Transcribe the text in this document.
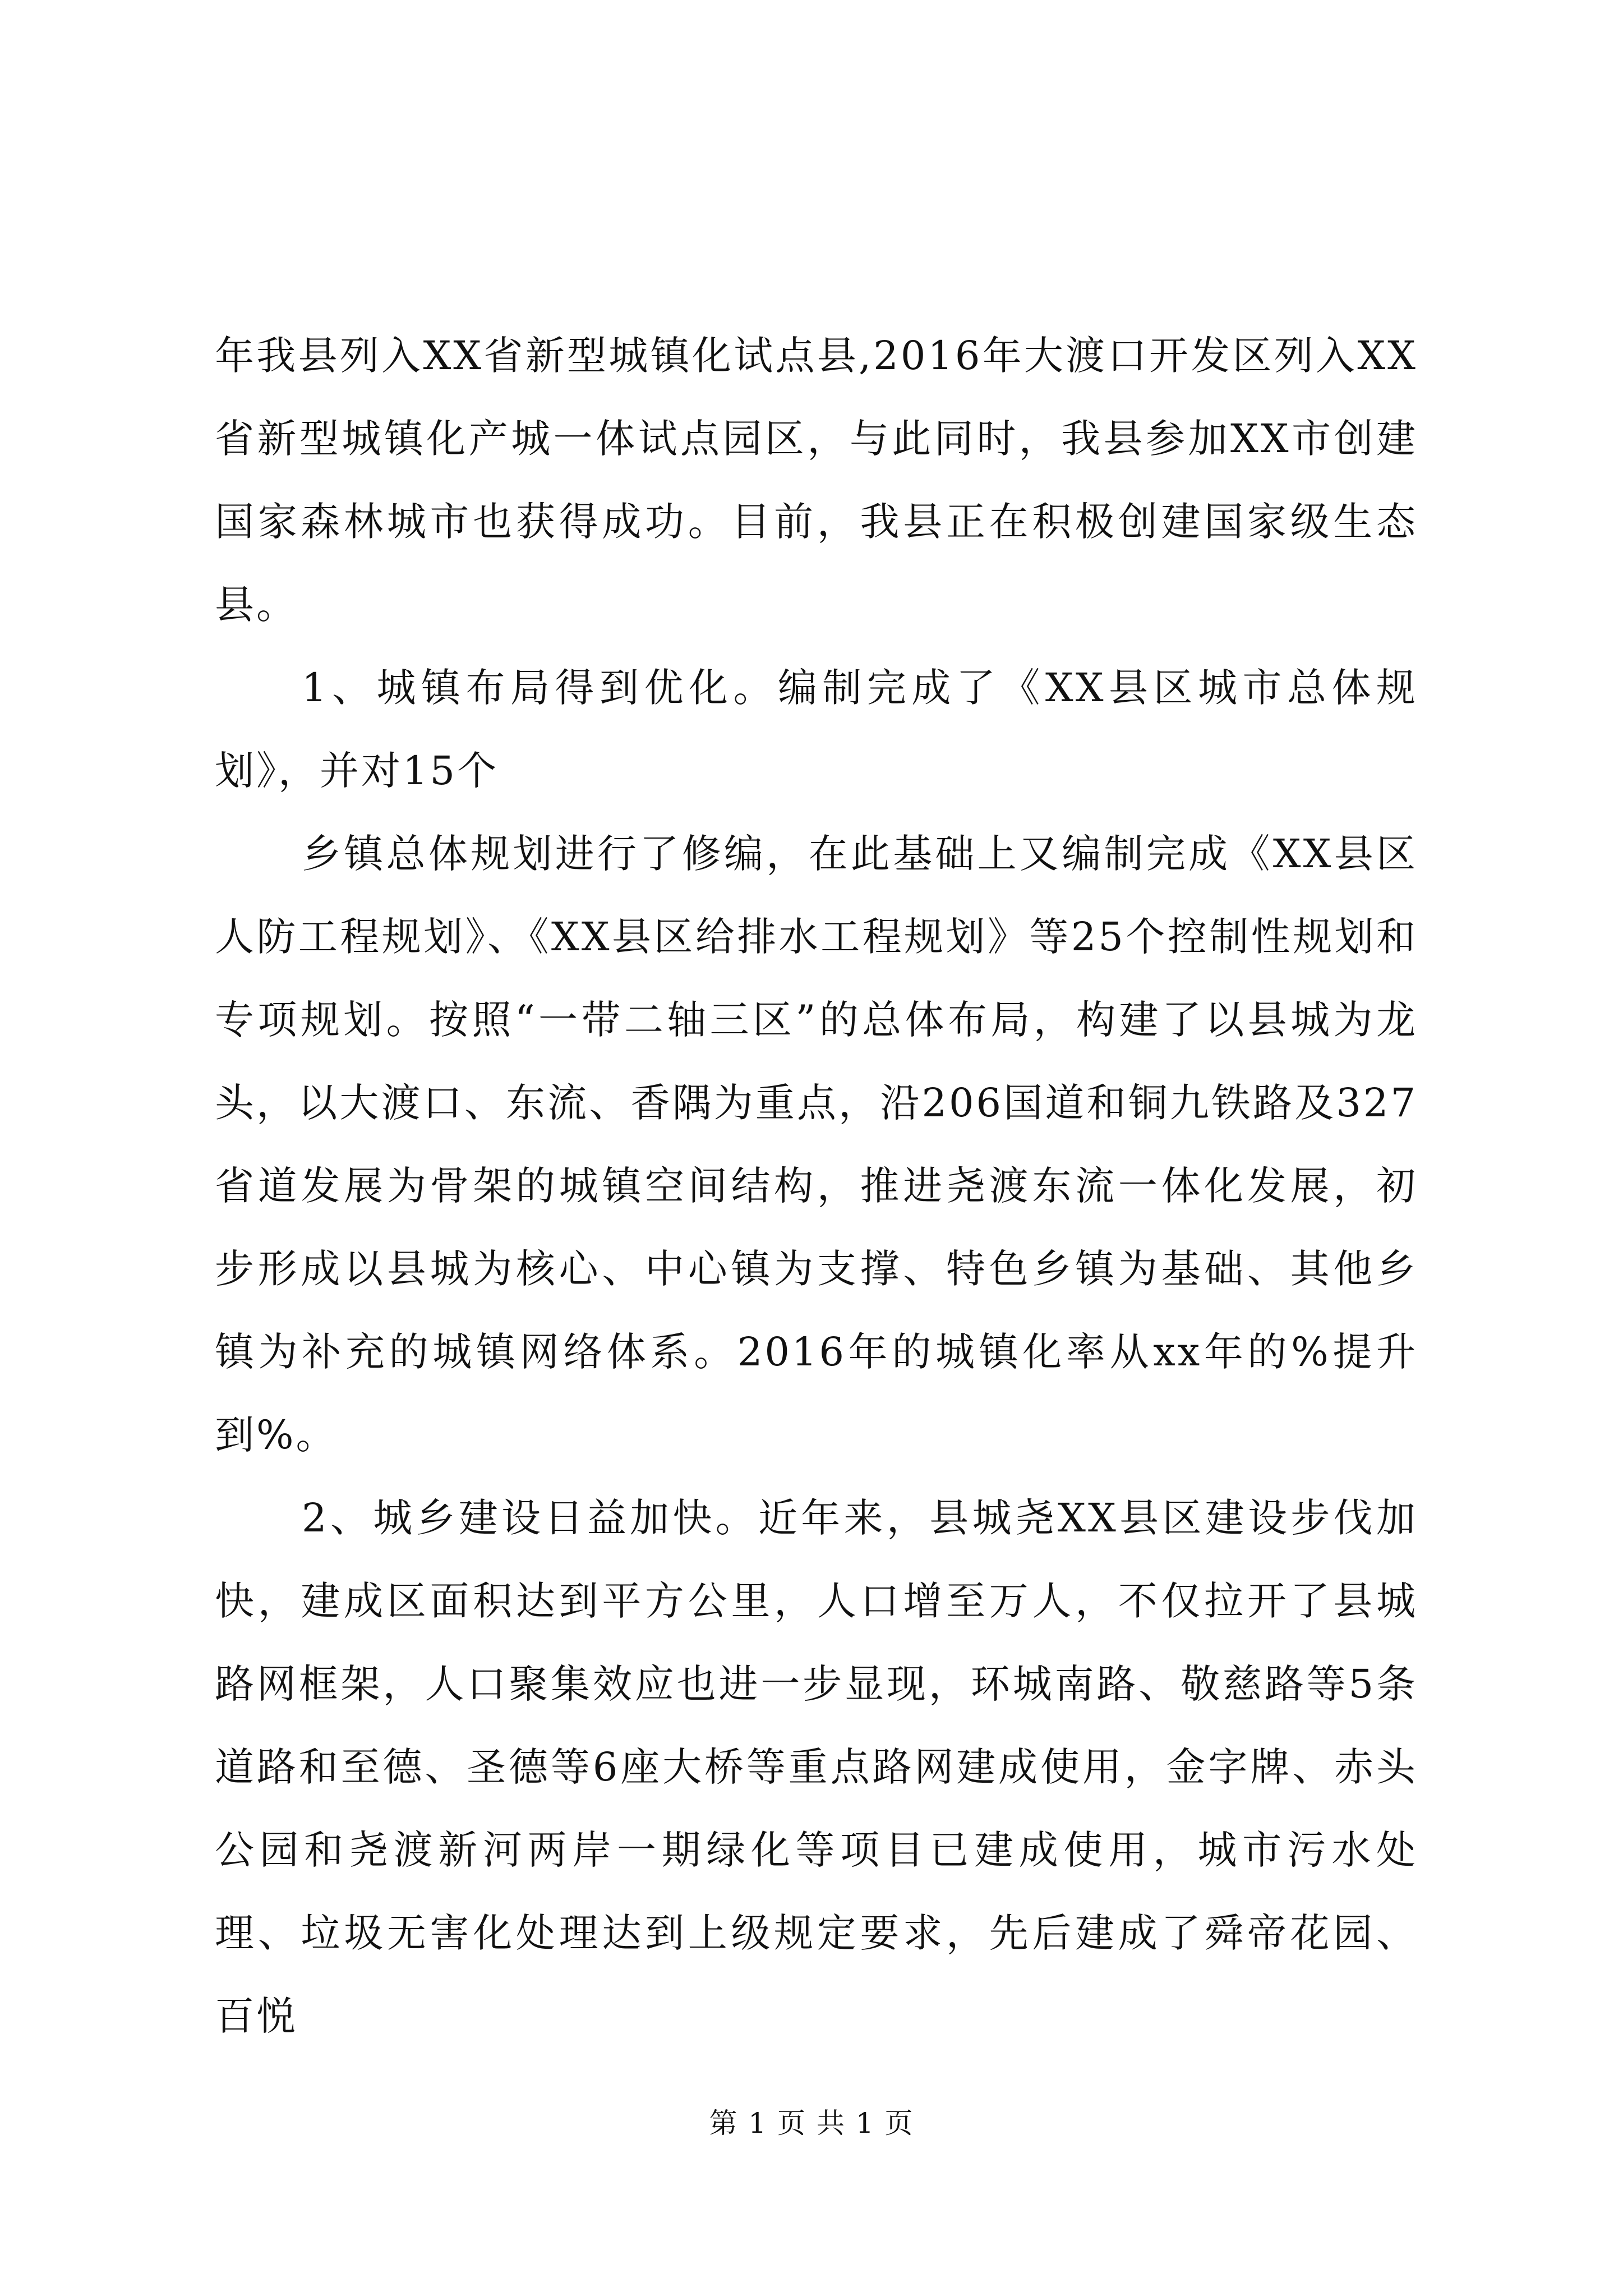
年我县列入XX省新型城镇化试点县,2016年大渡口开发区列入XX省新型城镇化产城一体试点园区，与此同时，我县参加XX市创建国家森林城市也获得成功。目前，我县正在积极创建国家级生态县。

1、城镇布局得到优化。编制完成了《XX县区城市总体规划》，并对15个

乡镇总体规划进行了修编，在此基础上又编制完成《XX县区人防工程规划》、《XX县区给排水工程规划》等25个控制性规划和专项规划。按照“一带二轴三区”的总体布局，构建了以县城为龙头，以大渡口、东流、香隅为重点，沿206国道和铜九铁路及327省道发展为骨架的城镇空间结构，推进尧渡东流一体化发展，初步形成以县城为核心、中心镇为支撑、特色乡镇为基础、其他乡镇为补充的城镇网络体系。2016年的城镇化率从xx年的%提升到%。

2、城乡建设日益加快。近年来，县城尧XX县区建设步伐加快，建成区面积达到平方公里，人口增至万人，不仅拉开了县城路网框架，人口聚集效应也进一步显现，环城南路、敬慈路等5条道路和至德、圣德等6座大桥等重点路网建成使用，金字牌、赤头公园和尧渡新河两岸一期绿化等项目已建成使用，城市污水处理、垃圾无害化处理达到上级规定要求，先后建成了舜帝花园、百悦

第 1 页 共 1 页
